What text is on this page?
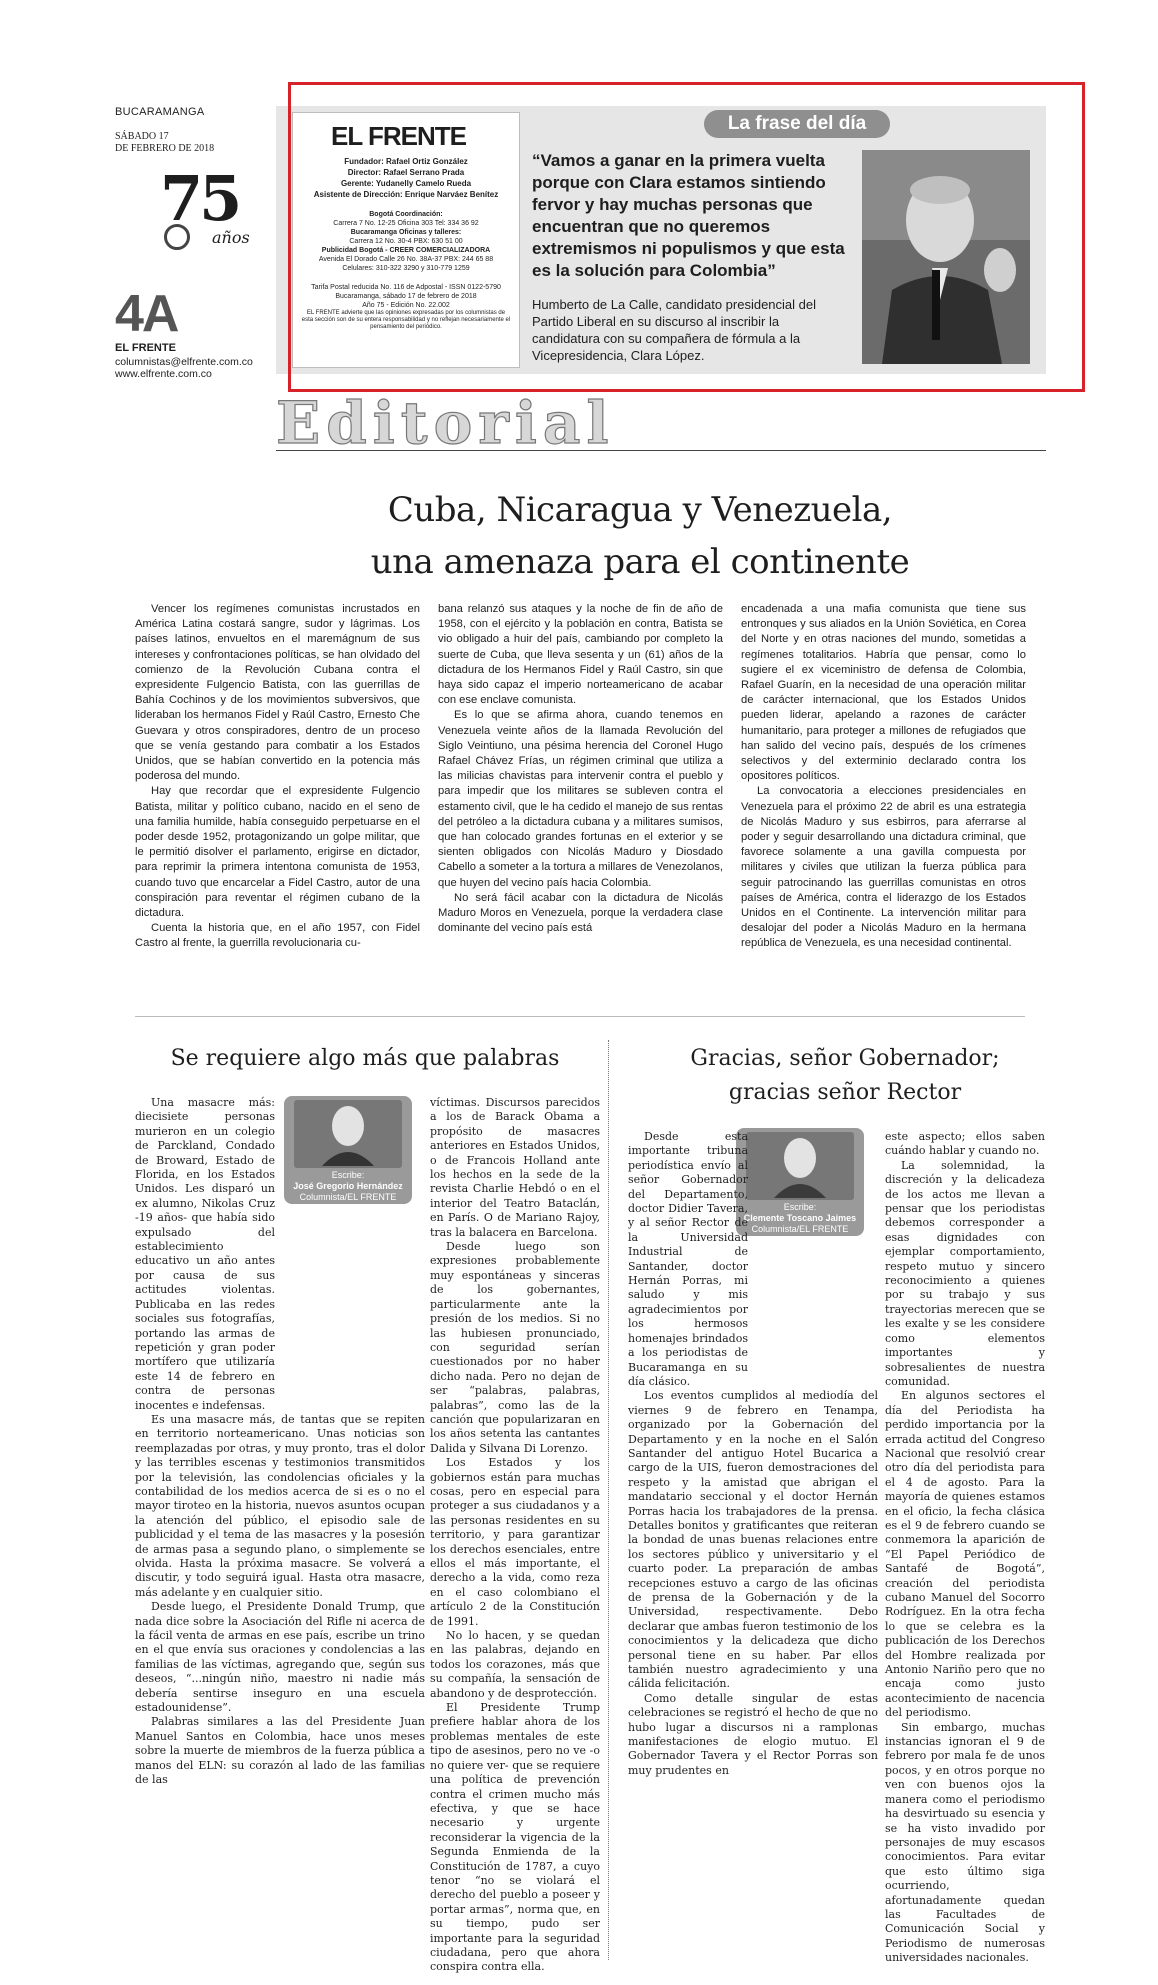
BUCARAMANGA
SÁBADO 17
DE FEBRERO DE 2018
75
años
4A
EL FRENTE
columnistas@elfrente.com.co
www.elfrente.com.co
EL FRENTE
Fundador: Rafael Ortiz González
Director: Rafael Serrano Prada
Gerente: Yudanelly Camelo Rueda
Asistente de Dirección: Enrique Narváez Benítez
Bogotá Coordinación:
Carrera 7 No. 12-25 Oficina 303 Tel: 334 36 92
Bucaramanga Oficinas y talleres:
Carrera 12 No. 30-4 PBX: 630 51 00
Publicidad Bogotá - CREER COMERCIALIZADORA
Avenida El Dorado Calle 26 No. 38A-37 PBX: 244 65 88
Celulares: 310-322 3290 y 310-779 1259
Tarifa Postal reducida No. 116 de Adpostal - ISSN 0122-5790
Bucaramanga, sábado 17 de febrero de 2018
Año 75 - Edición No. 22.002
EL FRENTE advierte que las opiniones expresadas por los columnistas de esta sección son de su entera responsabilidad y no reflejan necesariamente el pensamiento del periódico.
La frase del día
“Vamos a ganar en la primera vuelta porque con Clara estamos sintiendo fervor y hay muchas personas que encuentran que no queremos extremismos ni populismos y que esta es la solución para Colombia”
Humberto de La Calle, candidato presidencial del Partido Liberal en su discurso al inscribir la candidatura con su compañera de fórmula a la Vicepresidencia, Clara López.
Editorial
Cuba, Nicaragua y Venezuela,
una amenaza para el continente

Vencer los regímenes comunistas incrustados en América Latina costará sangre, sudor y lágrimas. Los países latinos, envueltos en el maremágnum de sus intereses y confrontaciones políticas, se han olvidado del comienzo de la Revolución Cubana contra el expresidente Fulgencio Batista, con las guerrillas de Bahía Cochinos y de los movimientos subversivos, que lideraban los hermanos Fidel y Raúl Castro, Ernesto Che Guevara y otros conspiradores, dentro de un proceso que se venía gestando para combatir a los Estados Unidos, que se habían convertido en la potencia más poderosa del mundo.

Hay que recordar que el expresidente Fulgencio Batista, militar y político cubano, nacido en el seno de una familia humilde, había conseguido perpetuarse en el poder desde 1952, protagonizando un golpe militar, que le permitió disolver el parlamento, erigirse en dictador, para reprimir la primera intentona comunista de 1953, cuando tuvo que encarcelar a Fidel Castro, autor de una conspiración para reventar el régimen cubano de la dictadura.

Cuenta la historia que, en el año 1957, con Fidel Castro al frente, la guerrilla revolucionaria cu-

bana relanzó sus ataques y la noche de fin de año de 1958, con el ejército y la población en contra, Batista se vio obligado a huir del país, cambiando por completo la suerte de Cuba, que lleva sesenta y un (61) años de la dictadura de los Hermanos Fidel y Raúl Castro, sin que haya sido capaz el imperio norteamericano de acabar con ese enclave comunista.

Es lo que se afirma ahora, cuando tenemos en Venezuela veinte años de la llamada Revolución del Siglo Veintiuno, una pésima herencia del Coronel Hugo Rafael Chávez Frías, un régimen criminal que utiliza a las milicias chavistas para intervenir contra el pueblo y para impedir que los militares se subleven contra el estamento civil, que le ha cedido el manejo de sus rentas del petróleo a la dictadura cubana y a militares sumisos, que han colocado grandes fortunas en el exterior y se sienten obligados con Nicolás Maduro y Diosdado Cabello a someter a la tortura a millares de Venezolanos, que huyen del vecino país hacia Colombia.

No será fácil acabar con la dictadura de Nicolás Maduro Moros en Venezuela, porque la verdadera clase dominante del vecino país está

encadenada a una mafia comunista que tiene sus entronques y sus aliados en la Unión Soviética, en Corea del Norte y en otras naciones del mundo, sometidas a regímenes totalitarios. Habría que pensar, como lo sugiere el ex viceministro de defensa de Colombia, Rafael Guarín, en la necesidad de una operación militar de carácter internacional, que los Estados Unidos pueden liderar, apelando a razones de carácter humanitario, para proteger a millones de refugiados que han salido del vecino país, después de los crímenes selectivos y del exterminio declarado contra los opositores políticos.

La convocatoria a elecciones presidenciales en Venezuela para el próximo 22 de abril es una estrategia de Nicolás Maduro y sus esbirros, para aferrarse al poder y seguir desarrollando una dictadura criminal, que favorece solamente a una gavilla compuesta por militares y civiles que utilizan la fuerza pública para seguir patrocinando las guerrillas comunistas en otros países de América, contra el liderazgo de los Estados Unidos en el Continente. La intervención militar para desalojar del poder a Nicolás Maduro en la hermana república de Venezuela, es una necesidad continental.

Se requiere algo más que palabras
Escribe:
José Gregorio Hernández
Columnista/EL FRENTE

Una masacre más: diecisiete personas murieron en un colegio de Parckland, Condado de Broward, Estado de Florida, en los Estados Unidos. Les disparó un ex alumno, Nikolas Cruz -19 años- que había sido expulsado del establecimiento educativo un año antes por causa de sus actitudes violentas. Publicaba en las redes sociales sus fotografías, portando las armas de repetición y gran poder mortífero que utilizaría este 14 de febrero en contra de personas inocentes e indefensas.

Es una masacre más, de tantas que se repiten en territorio norteamericano. Unas noticias son reemplazadas por otras, y muy pronto, tras el dolor y las terribles escenas y testimonios transmitidos por la televisión, las condolencias oficiales y la contabilidad de los medios acerca de si es o no el mayor tiroteo en la historia, nuevos asuntos ocupan la atención del público, el episodio sale de publicidad y el tema de las masacres y la posesión de armas pasa a segundo plano, o simplemente se olvida. Hasta la próxima masacre. Se volverá a discutir, y todo seguirá igual. Hasta otra masacre, más adelante y en cualquier sitio.

Desde luego, el Presidente Donald Trump, que nada dice sobre la Asociación del Rifle ni acerca de la fácil venta de armas en ese país, escribe un trino en el que envía sus oraciones y condolencias a las familias de las víctimas, agregando que, según sus deseos, “...ningún niño, maestro ni nadie más debería sentirse inseguro en una escuela estadounidense”.

Palabras similares a las del Presidente Juan Manuel Santos en Colombia, hace unos meses sobre la muerte de miembros de la fuerza pública a manos del ELN: su corazón al lado de las familias de las

víctimas. Discursos parecidos a los de Barack Obama a propósito de masacres anteriores en Estados Unidos, o de Francois Holland ante los hechos en la sede de la revista Charlie Hebdó o en el interior del Teatro Bataclán, en París. O de Mariano Rajoy, tras la balacera en Barcelona.

Desde luego son expresiones probablemente muy espontáneas y sinceras de los gobernantes, particularmente ante la presión de los medios. Si no las hubiesen pronunciado, con seguridad serían cuestionados por no haber dicho nada. Pero no dejan de ser “palabras, palabras, palabras”, como las de la canción que popularizaran en los años setenta las cantantes Dalida y Silvana Di Lorenzo.

Los Estados y los gobiernos están para muchas cosas, pero en especial para proteger a sus ciudadanos y a las personas residentes en su territorio, y para garantizar los derechos esenciales, entre ellos el más importante, el derecho a la vida, como reza en el caso colombiano el artículo 2 de la Constitución de 1991.

No lo hacen, y se quedan en las palabras, dejando en todos los corazones, más que su compañía, la sensación de abandono y de desprotección.

El Presidente Trump prefiere hablar ahora de los problemas mentales de este tipo de asesinos, pero no ve -o no quiere ver- que se requiere una política de prevención contra el crimen mucho más efectiva, y que se hace necesario y urgente reconsiderar la vigencia de la Segunda Enmienda de la Constitución de 1787, a cuyo tenor “no se violará el derecho del pueblo a poseer y portar armas”, norma que, en su tiempo, pudo ser importante para la seguridad ciudadana, pero que ahora conspira contra ella.

Gracias, señor Gobernador;
gracias señor Rector
Escribe:
Clemente Toscano Jaimes
Columnista/EL FRENTE

Desde esta importante tribuna periodística envío al señor Gobernador del Departamento, doctor Didier Tavera, y al señor Rector de la Universidad Industrial de Santander, doctor Hernán Porras, mi saludo y mis agradecimientos por los hermosos homenajes brindados a los periodistas de Bucaramanga en su día clásico.

Los eventos cumplidos al mediodía del viernes 9 de febrero en Tenampa, organizado por la Gobernación del Departamento y en la noche en el Salón Santander del antiguo Hotel Bucarica a cargo de la UIS, fueron demostraciones del respeto y la amistad que abrigan el mandatario seccional y el doctor Hernán Porras hacia los trabajadores de la prensa. Detalles bonitos y gratificantes que reiteran la bondad de unas buenas relaciones entre los sectores público y universitario y el cuarto poder. La preparación de ambas recepciones estuvo a cargo de las oficinas de prensa de la Gobernación y de la Universidad, respectivamente. Debo declarar que ambas fueron testimonio de los conocimientos y la delicadeza que dicho personal tiene en su haber. Par ellos también nuestro agradecimiento y una cálida felicitación.

Como detalle singular de estas celebraciones se registró el hecho de que no hubo lugar a discursos ni a ramplonas manifestaciones de elogio mutuo. El Gobernador Tavera y el Rector Porras son muy prudentes en

este aspecto; ellos saben cuándo hablar y cuando no.

La solemnidad, la discreción y la delicadeza de los actos me llevan a pensar que los periodistas debemos corresponder a esas dignidades con ejemplar comportamiento, respeto mutuo y sincero reconocimiento a quienes por su trabajo y sus trayectorias merecen que se les exalte y se les considere como elementos importantes y sobresalientes de nuestra comunidad.

En algunos sectores el día del Periodista ha perdido importancia por la errada actitud del Congreso Nacional que resolvió crear otro día del periodista para el 4 de agosto. Para la mayoría de quienes estamos en el oficio, la fecha clásica es el 9 de febrero cuando se conmemora la aparición de “El Papel Periódico de Santafé de Bogotá”, creación del periodista cubano Manuel del Socorro Rodríguez. En la otra fecha lo que se celebra es la publicación de los Derechos del Hombre realizada por Antonio Nariño pero que no encaja como justo acontecimiento de nacencia del periodismo.

Sin embargo, muchas instancias ignoran el 9 de febrero por mala fe de unos pocos, y en otros porque no ven con buenos ojos la manera como el periodismo ha desvirtuado su esencia y se ha visto invadido por personajes de muy escasos conocimientos. Para evitar que esto último siga ocurriendo, afortunadamente quedan las Facultades de Comunicación Social y Periodismo de numerosas universidades nacionales.
